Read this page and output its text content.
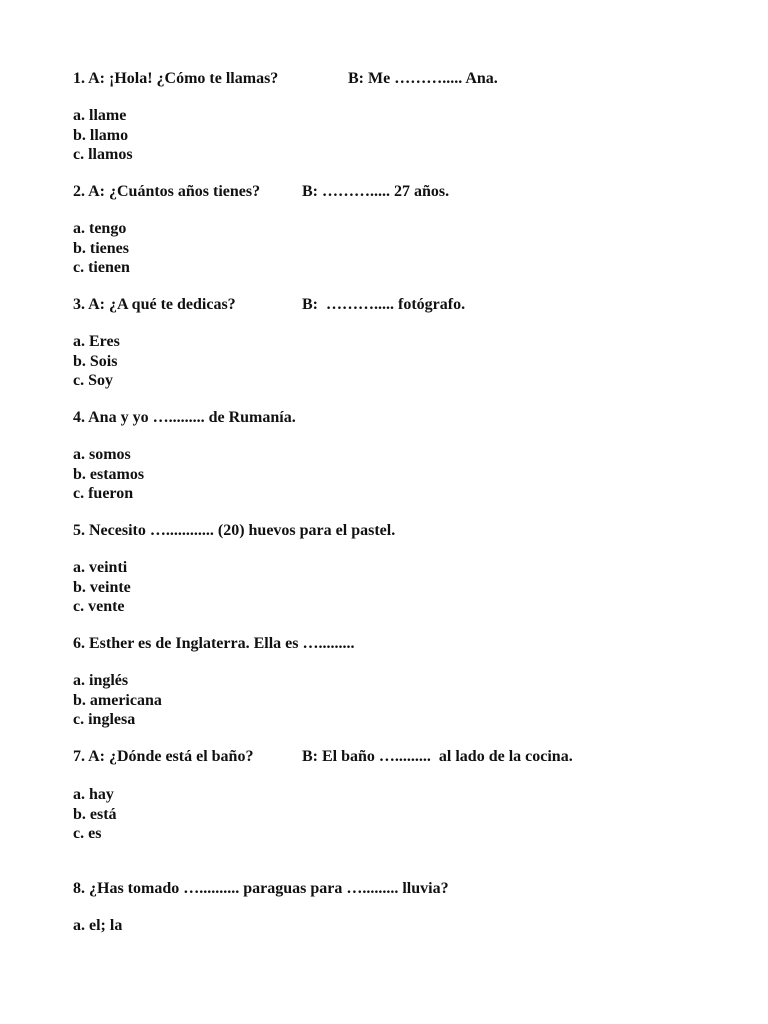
1. A: ¡Hola! ¿Cómo te llamas?

	B: Me ………..... Ana.

a. llame
b. llamo
c. llamos

2. A: ¿Cuántos años tienes?

	B: ………..... 27 años.

a. tengo
b. tienes
c. tienen

3. A: ¿A qué te dedicas?

	B:  ………..... fotógrafo.

a. Eres
b. Sois
c. Soy

4. Ana y yo …......... de Rumanía.

a. somos
b. estamos
c. fueron

5. Necesito …............ (20) huevos para el pastel.

a. veinti
b. veinte
c. vente

6. Esther es de Inglaterra. Ella es ….........

a. inglés
b. americana
c. inglesa

7. A: ¿Dónde está el baño?

	B: El baño ….........  al lado de la cocina.

a. hay
b. está
c. es

8. ¿Has tomado ….......... paraguas para …......... lluvia?

a. el; la
